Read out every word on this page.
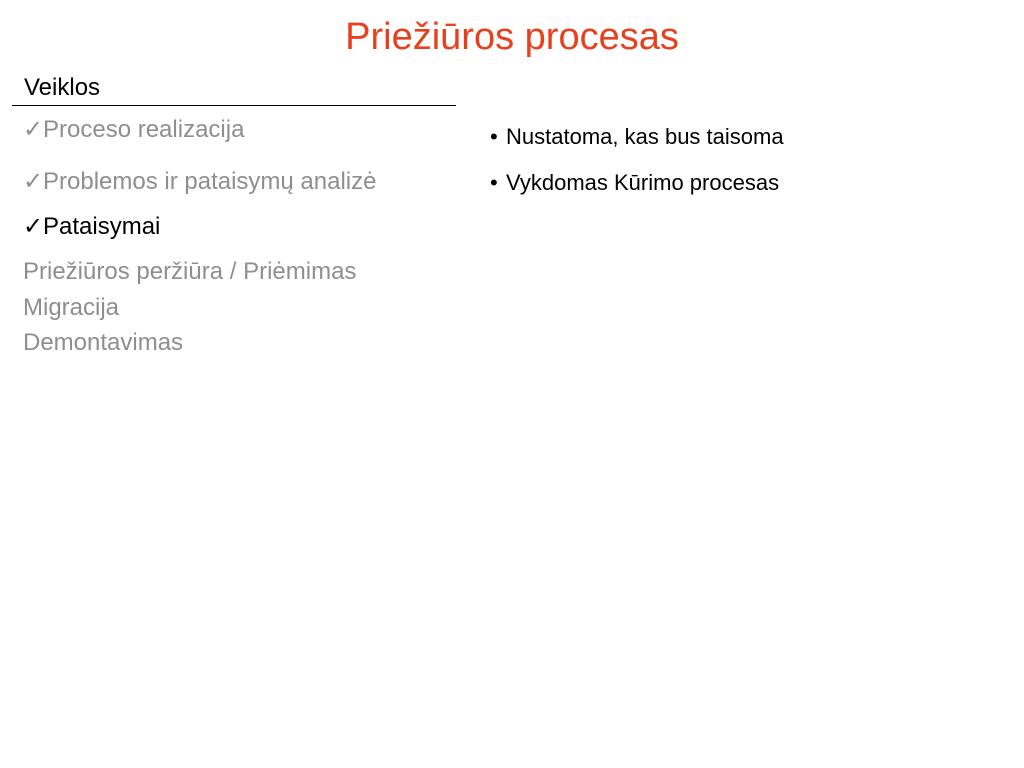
Priežiūros procesas
Veiklos
✓Proceso realizacija
✓Problemos ir pataisymų analizė
✓Pataisymai
Priežiūros peržiūra / Priėmimas
Migracija
Demontavimas
• Nustatoma, kas bus taisoma
• Vykdomas Kūrimo procesas
